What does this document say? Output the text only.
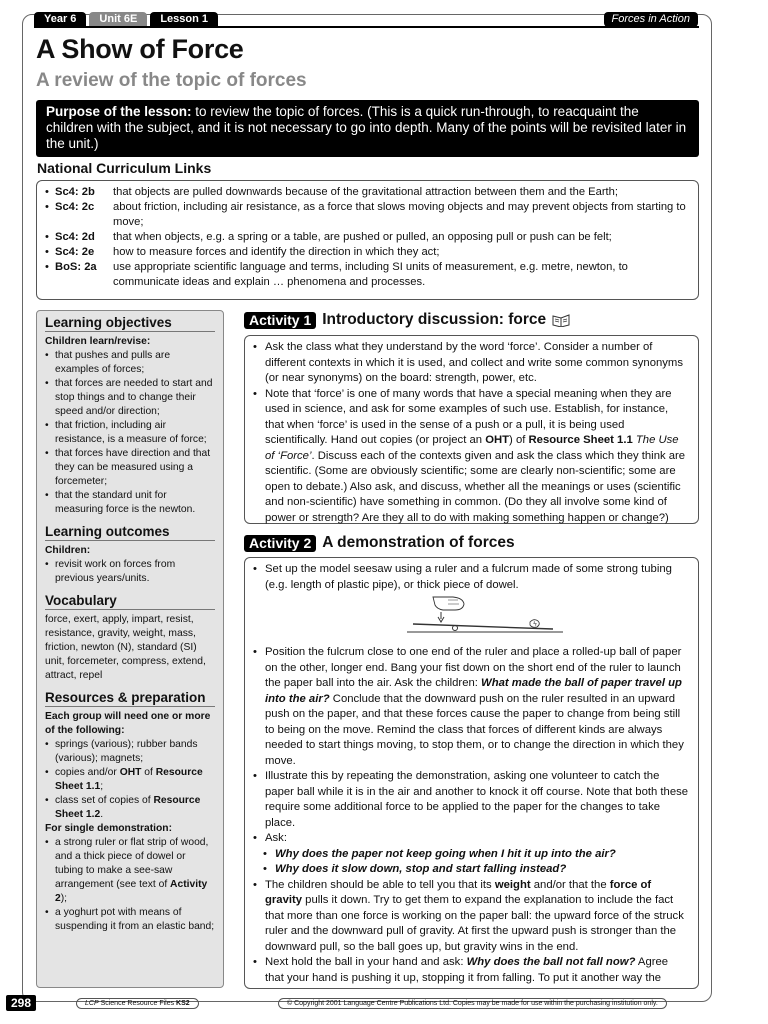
Year 6	Unit 6E	Lesson 1	Forces in Action
A Show of Force
A review of the topic of forces
Purpose of the lesson: to review the topic of forces. (This is a quick run-through, to reacquaint the children with the subject, and it is not necessary to go into depth. Many of the points will be revisited later in the unit.)
National Curriculum Links
• Sc4: 2b	that objects are pulled downwards because of the gravitational attraction between them and the Earth;
• Sc4: 2c	about friction, including air resistance, as a force that slows moving objects and may prevent objects from starting to move;
• Sc4: 2d	that when objects, e.g. a spring or a table, are pushed or pulled, an opposing pull or push can be felt;
• Sc4: 2e	how to measure forces and identify the direction in which they act;
• BoS: 2a	use appropriate scientific language and terms, including SI units of measurement, e.g. metre, newton, to communicate ideas and explain … phenomena and processes.
Learning objectives
Children learn/revise:
• that pushes and pulls are examples of forces;
• that forces are needed to start and stop things and to change their speed and/or direction;
• that friction, including air resistance, is a measure of force;
• that forces have direction and that they can be measured using a forcemeter;
• that the standard unit for measuring force is the newton.
Learning outcomes
Children:
• revisit work on forces from previous years/units.
Vocabulary

force, exert, apply, impart, resist, resistance, gravity, weight, mass, friction, newton (N), standard (SI) unit, forcemeter, compress, extend, attract, repel

Resources & preparation
Each group will need one or more of the following:
• springs (various); rubber bands (various); magnets;
• copies and/or OHT of Resource Sheet 1.1;
• class set of copies of Resource Sheet 1.2.
For single demonstration:
• a strong ruler or flat strip of wood, and a thick piece of dowel or tubing to make a see-saw arrangement (see text of Activity 2);
• a yoghurt pot with means of suspending it from an elastic band;
Activity 1 Introductory discussion: force
• Ask the class what they understand by the word ‘force’. Consider a number of different contexts in which it is used, and collect and write some common synonyms (or near synonyms) on the board: strength, power, etc.
• Note that ‘force’ is one of many words that have a special meaning when they are used in science, and ask for some examples of such use. Establish, for instance, that when ‘force’ is used in the sense of a push or a pull, it is being used scientifically. Hand out copies (or project an OHT) of Resource Sheet 1.1 The Use of ‘Force’. Discuss each of the contexts given and ask the class which they think are scientific. (Some are obviously scientific; some are clearly non-scientific; some are open to debate.) Also ask, and discuss, whether all the meanings or uses (scientific and non-scientific) have something in common. (Do they all involve some kind of power or strength? Are they all to do with making something happen or change?)
Activity 2 A demonstration of forces
• Set up the model seesaw using a ruler and a fulcrum made of some strong tubing (e.g. length of plastic pipe), or thick piece of dowel.
• Position the fulcrum close to one end of the ruler and place a rolled-up ball of paper on the other, longer end. Bang your fist down on the short end of the ruler to launch the paper ball into the air. Ask the children: What made the ball of paper travel up into the air? Conclude that the downward push on the ruler resulted in an upward push on the paper, and that these forces cause the paper to change from being still to being on the move. Remind the class that forces of different kinds are always needed to start things moving, to stop them, or to change the direction in which they move.
• Illustrate this by repeating the demonstration, asking one volunteer to catch the paper ball while it is in the air and another to knock it off course. Note that both these require some additional force to be applied to the paper for the changes to take place.
• Ask:
• Why does the paper not keep going when I hit it up into the air?
• Why does it slow down, stop and start falling instead?
• The children should be able to tell you that its weight and/or that the force of gravity pulls it down. Try to get them to expand the explanation to include the fact that more than one force is working on the paper ball: the upward force of the struck ruler and the downward pull of gravity. At first the upward push is stronger than the downward pull, so the ball goes up, but gravity wins in the end.
• Next hold the ball in your hand and ask: Why does the ball not fall now? Agree that your hand is pushing it up, stopping it from falling. To put it another way the
298	LCP Science Resource Files KS2	© Copyright 2001 Language Centre Publications Ltd. Copies may be made for use within the purchasing institution only.
